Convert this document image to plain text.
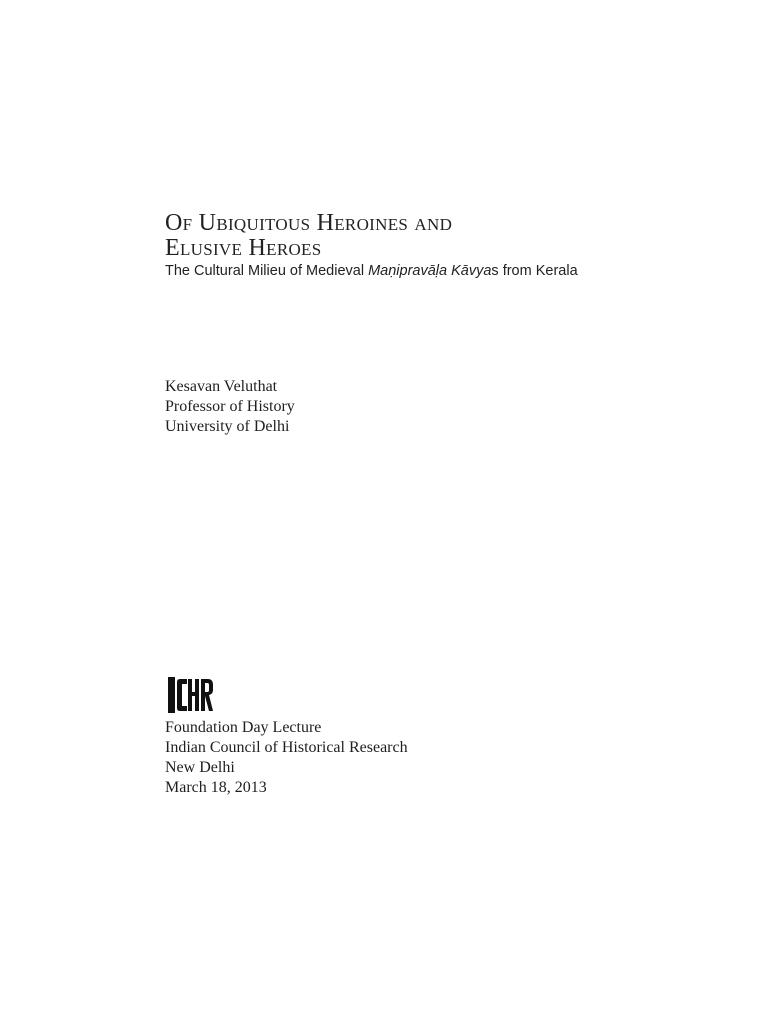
Of Ubiquitous Heroines and
Elusive Heroes
The Cultural Milieu of Medieval Maṇipravāḷa Kāvyas from Kerala
Kesavan Veluthat
Professor of History
University of Delhi
Foundation Day Lecture
Indian Council of Historical Research
New Delhi
March 18, 2013
